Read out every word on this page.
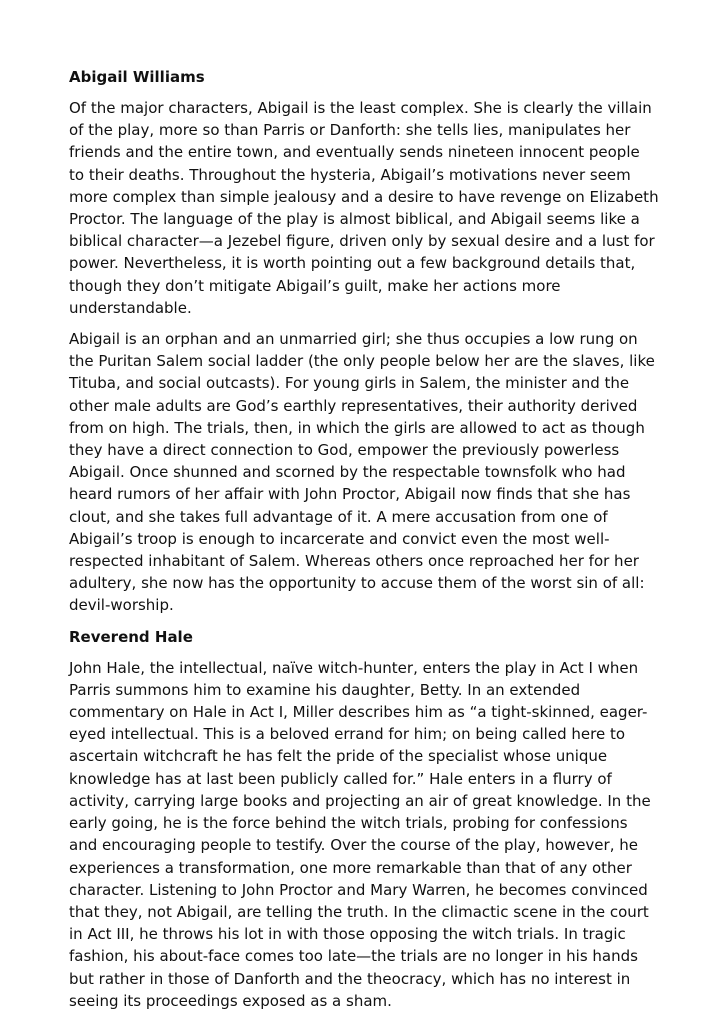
Abigail Williams

Of the major characters, Abigail is the least complex. She is clearly the villain of the play, more so than Parris or Danforth: she tells lies, manipulates her friends and the entire town, and eventually sends nineteen innocent people to their deaths. Throughout the hysteria, Abigail’s motivations never seem more complex than simple jealousy and a desire to have revenge on Elizabeth Proctor. The language of the play is almost biblical, and Abigail seems like a biblical character—a Jezebel figure, driven only by sexual desire and a lust for power. Nevertheless, it is worth pointing out a few background details that, though they don’t mitigate Abigail’s guilt, make her actions more understandable.

Abigail is an orphan and an unmarried girl; she thus occupies a low rung on the Puritan Salem social ladder (the only people below her are the slaves, like Tituba, and social outcasts). For young girls in Salem, the minister and the other male adults are God’s earthly representatives, their authority derived from on high. The trials, then, in which the girls are allowed to act as though they have a direct connection to God, empower the previously powerless Abigail. Once shunned and scorned by the respectable townsfolk who had heard rumors of her affair with John Proctor, Abigail now finds that she has clout, and she takes full advantage of it. A mere accusation from one of Abigail’s troop is enough to incarcerate and convict even the most well-respected inhabitant of Salem. Whereas others once reproached her for her adultery, she now has the opportunity to accuse them of the worst sin of all: devil-worship.

Reverend Hale

John Hale, the intellectual, naïve witch-hunter, enters the play in Act I when Parris summons him to examine his daughter, Betty. In an extended commentary on Hale in Act I, Miller describes him as “a tight-skinned, eager-eyed intellectual. This is a beloved errand for him; on being called here to ascertain witchcraft he has felt the pride of the specialist whose unique knowledge has at last been publicly called for.” Hale enters in a flurry of activity, carrying large books and projecting an air of great knowledge. In the early going, he is the force behind the witch trials, probing for confessions and encouraging people to testify. Over the course of the play, however, he experiences a transformation, one more remarkable than that of any other character. Listening to John Proctor and Mary Warren, he becomes convinced that they, not Abigail, are telling the truth. In the climactic scene in the court in Act III, he throws his lot in with those opposing the witch trials. In tragic fashion, his about-face comes too late—the trials are no longer in his hands but rather in those of Danforth and the theocracy, which has no interest in seeing its proceedings exposed as a sham.
